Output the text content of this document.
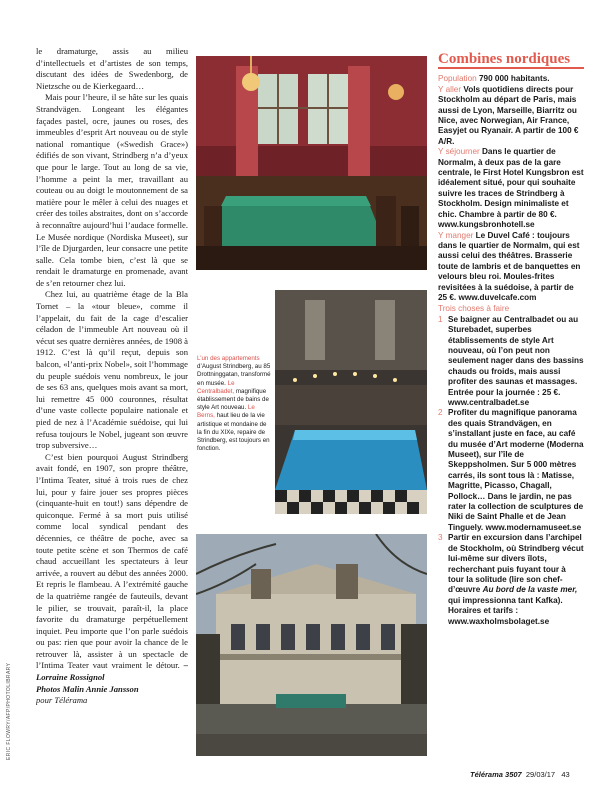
le dramaturge, assis au milieu d’intellectuels et d’artistes de son temps, discutant des idées de Swedenborg, de Nietzsche ou de Kierkegaard…

Mais pour l’heure, il se hâte sur les quais Strandvägen. Longeant les élégantes façades pastel, ocre, jaunes ou roses, des immeubles d’esprit Art nouveau ou de style national romantique («Swedish Grace») édifiés de son vivant, Strindberg n’a d’yeux que pour le large. Tout au long de sa vie, l’homme a peint la mer, travaillant au couteau ou au doigt le moutonnement de sa matière pour le mêler à celui des nuages et créer des toiles abstraites, dont on s’accorde à reconnaître aujourd’hui l’audace formelle. Le Musée nordique (Nordiska Museet), sur l’île de Djurgarden, leur consacre une petite salle. Cela tombe bien, c’est là que se rendait le dramaturge en promenade, avant de s’en retourner chez lui.

Chez lui, au quatrième étage de la Bla Tornet – la «tour bleue», comme il l’appelait, du fait de la cage d’escalier céladon de l’immeuble Art nouveau où il vécut ses quatre dernières années, de 1908 à 1912. C’est là qu’il reçut, depuis son balcon, «l’anti-prix Nobel», soit l’hommage du peuple suédois venu nombreux, le jour de ses 63 ans, quelques mois avant sa mort, lui remettre 45 000 couronnes, résultat d’une vaste collecte populaire nationale et pied de nez à l’Académie suédoise, qui lui refusa toujours le Nobel, jugeant son œuvre trop subversive…

C’est bien pourquoi August Strindberg avait fondé, en 1907, son propre théâtre, l’Intima Teater, situé à trois rues de chez lui, pour y faire jouer ses propres pièces (cinquante-huit en tout!) sans dépendre de quiconque. Fermé à sa mort puis utilisé comme local syndical pendant des décennies, ce théâtre de poche, avec sa toute petite scène et son Thermos de café chaud accueillant les spectateurs à leur arrivée, a rouvert au début des années 2000. Et repris le flambeau. A l’extrémité gauche de la quatrième rangée de fauteuils, devant le pilier, se trouvait, paraît-il, la place favorite du dramaturge perpétuellement inquiet. Peu importe que l’on parle suédois ou pas: rien que pour avoir la chance de le retrouver là, assister à un spectacle de l’Intima Teater vaut vraiment le détour. – Lorraine Rossignol
Photos Malin Annie Jansson
pour Télérama

ERIC FLOWRY/AFP/PHOTOLIBRARY
L’un des appartements d’August Strindberg, au 85 Drottninggatan, transformé en musée. Le Centralbadet, magnifique établissement de bains de style Art nouveau. Le Berns, haut lieu de la vie artistique et mondaine de la fin du XIXe, repaire de Strindberg, est toujours en fonction.
Combines nordiques
Population 790 000 habitants.
Y aller Vols quotidiens directs pour Stockholm au départ de Paris, mais aussi de Lyon, Marseille, Biarritz ou Nice, avec Norwegian, Air France, Easyjet ou Ryanair. A partir de 100 € A/R.
Y séjourner Dans le quartier de Normalm, à deux pas de la gare centrale, le First Hotel Kungsbron est idéalement situé, pour qui souhaite suivre les traces de Strindberg à Stockholm. Design minimaliste et chic. Chambre à partir de 80 €. www.kungsbronhotell.se
Y manger Le Duvel Café : toujours dans le quartier de Normalm, qui est aussi celui des théâtres. Brasserie toute de lambris et de banquettes en velours bleu roi. Moules-frites revisitées à la suédoise, à partir de 25 €. www.duvelcafe.com
Trois choses à faire
1 Se baigner au Centralbadet ou au Sturebadet, superbes établissements de style Art nouveau, où l’on peut non seulement nager dans des bassins chauds ou froids, mais aussi profiter des saunas et massages. Entrée pour la journée : 25 €. www.centralbadet.se
2 Profiter du magnifique panorama des quais Strandvägen, en s’installant juste en face, au café du musée d’Art moderne (Moderna Museet), sur l’île de Skeppsholmen. Sur 5 000 mètres carrés, ils sont tous là : Matisse, Magritte, Picasso, Chagall, Pollock… Dans le jardin, ne pas rater la collection de sculptures de Niki de Saint Phalle et de Jean Tinguely. www.modernamuseet.se
3 Partir en excursion dans l’archipel de Stockholm, où Strindberg vécut lui-même sur divers îlots, recherchant puis fuyant tour à tour la solitude (lire son chef-d’œuvre Au bord de la vaste mer, qui impressionna tant Kafka). Horaires et tarifs : www.waxholmsbolaget.se
Télérama 3507 29/03/17 43
